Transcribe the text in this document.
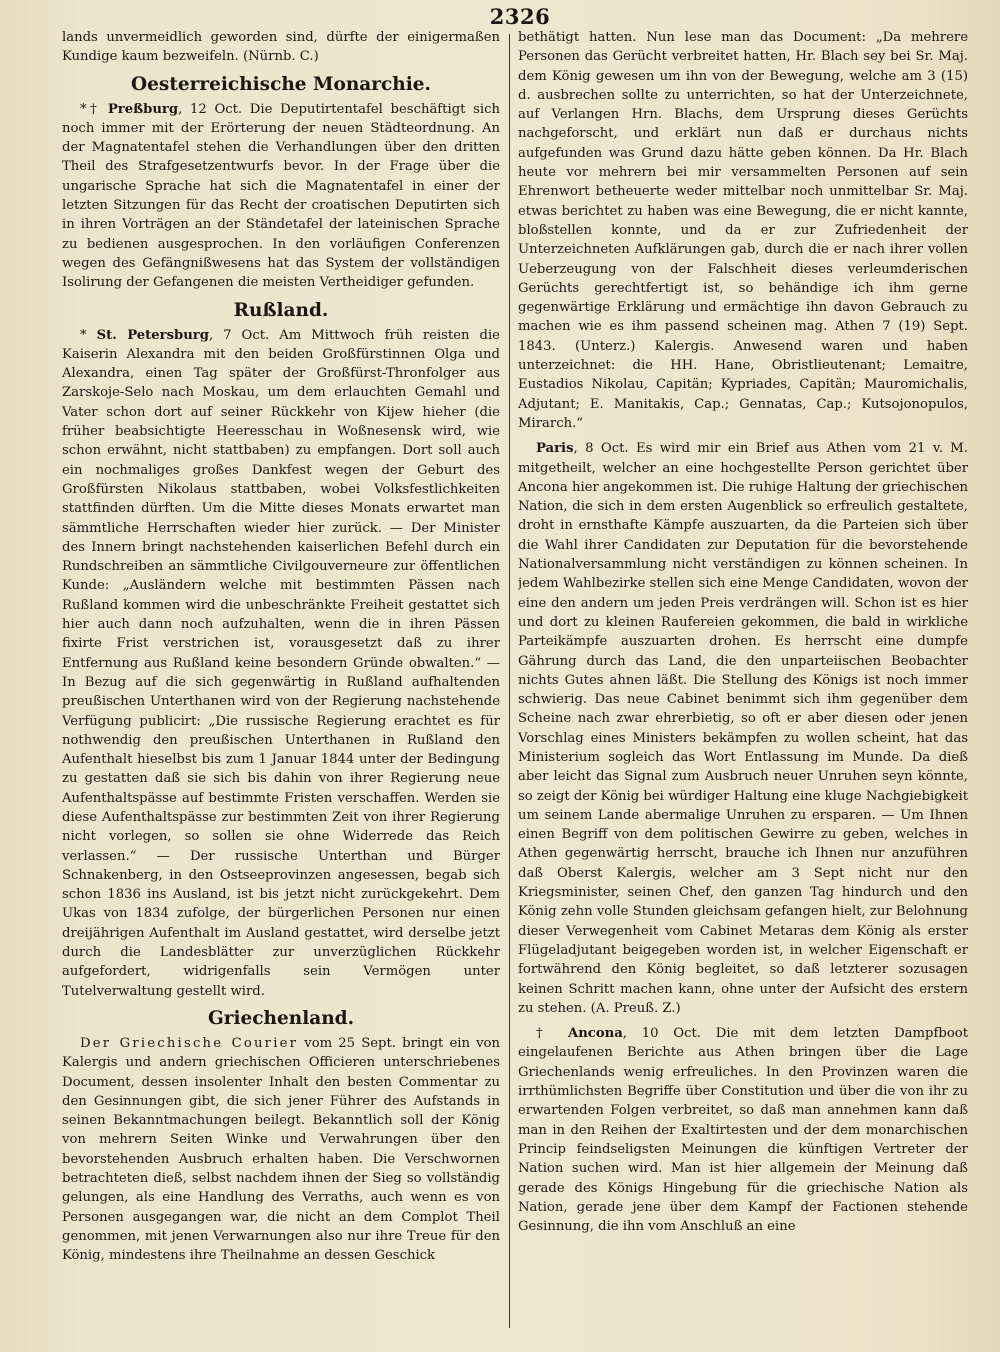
2326

lands unvermeidlich geworden sind, dürfte der einigermaßen Kundige kaum bezweifeln. (Nürnb. C.)

Oesterreichische Monarchie.

*† Preßburg, 12 Oct. Die Deputirtentafel beschäftigt sich noch immer mit der Erörterung der neuen Städteordnung. An der Magnatentafel stehen die Verhandlungen über den dritten Theil des Strafgesetzentwurfs bevor. In der Frage über die ungarische Sprache hat sich die Magnatentafel in einer der letzten Sitzungen für das Recht der croatischen Deputirten sich in ihren Vorträgen an der Ständetafel der lateinischen Sprache zu bedienen ausgesprochen. In den vorläufigen Conferenzen wegen des Gefängnißwesens hat das System der vollständigen Isolirung der Gefangenen die meisten Vertheidiger gefunden.

Rußland.

* St. Petersburg, 7 Oct. Am Mittwoch früh reisten die Kaiserin Alexandra mit den beiden Großfürstinnen Olga und Alexandra, einen Tag später der Großfürst-Thronfolger aus Zarskoje-Selo nach Moskau, um dem erlauchten Gemahl und Vater schon dort auf seiner Rückkehr von Kijew hieher (die früher beabsichtigte Heeresschau in Woßnesensk wird, wie schon erwähnt, nicht stattbaben) zu empfangen. Dort soll auch ein nochmaliges großes Dankfest wegen der Geburt des Großfürsten Nikolaus stattbaben, wobei Volksfestlichkeiten stattfinden dürften. Um die Mitte dieses Monats erwartet man sämmtliche Herrschaften wieder hier zurück. — Der Minister des Innern bringt nachstehenden kaiserlichen Befehl durch ein Rundschreiben an sämmtliche Civilgouverneure zur öffentlichen Kunde: „Ausländern welche mit bestimmten Pässen nach Rußland kommen wird die unbeschränkte Freiheit gestattet sich hier auch dann noch aufzuhalten, wenn die in ihren Pässen fixirte Frist verstrichen ist, vorausgesetzt daß zu ihrer Entfernung aus Rußland keine besondern Gründe obwalten.“ — In Bezug auf die sich gegenwärtig in Rußland aufhaltenden preußischen Unterthanen wird von der Regierung nachstehende Verfügung publicirt: „Die russische Regierung erachtet es für nothwendig den preußischen Unterthanen in Rußland den Aufenthalt hieselbst bis zum 1 Januar 1844 unter der Bedingung zu gestatten daß sie sich bis dahin von ihrer Regierung neue Aufenthaltspässe auf bestimmte Fristen verschaffen. Werden sie diese Aufenthaltspässe zur bestimmten Zeit von ihrer Regierung nicht vorlegen, so sollen sie ohne Widerrede das Reich verlassen.“ — Der russische Unterthan und Bürger Schnakenberg, in den Ostseeprovinzen angesessen, begab sich schon 1836 ins Ausland, ist bis jetzt nicht zurückgekehrt. Dem Ukas von 1834 zufolge, der bürgerlichen Personen nur einen dreijährigen Aufenthalt im Ausland gestattet, wird derselbe jetzt durch die Landesblätter zur unverzüglichen Rückkehr aufgefordert, widrigenfalls sein Vermögen unter Tutelverwaltung gestellt wird.

Griechenland.

Der Griechische Courier vom 25 Sept. bringt ein von Kalergis und andern griechischen Officieren unterschriebenes Document, dessen insolenter Inhalt den besten Commentar zu den Gesinnungen gibt, die sich jener Führer des Aufstands in seinen Bekanntmachungen beilegt. Bekanntlich soll der König von mehrern Seiten Winke und Verwahrungen über den bevorstehenden Ausbruch erhalten haben. Die Verschwornen betrachteten dieß, selbst nachdem ihnen der Sieg so vollständig gelungen, als eine Handlung des Verraths, auch wenn es von Personen ausgegangen war, die nicht an dem Complot Theil genommen, mit jenen Verwarnungen also nur ihre Treue für den König, mindestens ihre Theilnahme an dessen Geschick

bethätigt hatten. Nun lese man das Document: „Da mehrere Personen das Gerücht verbreitet hatten, Hr. Blach sey bei Sr. Maj. dem König gewesen um ihn von der Bewegung, welche am 3 (15) d. ausbrechen sollte zu unterrichten, so hat der Unterzeichnete, auf Verlangen Hrn. Blachs, dem Ursprung dieses Gerüchts nachgeforscht, und erklärt nun daß er durchaus nichts aufgefunden was Grund dazu hätte geben können. Da Hr. Blach heute vor mehrern bei mir versammelten Personen auf sein Ehrenwort betheuerte weder mittelbar noch unmittelbar Sr. Maj. etwas berichtet zu haben was eine Bewegung, die er nicht kannte, bloßstellen konnte, und da er zur Zufriedenheit der Unterzeichneten Aufklärungen gab, durch die er nach ihrer vollen Ueberzeugung von der Falschheit dieses verleumderischen Gerüchts gerechtfertigt ist, so behändige ich ihm gerne gegenwärtige Erklärung und ermächtige ihn davon Gebrauch zu machen wie es ihm passend scheinen mag. Athen 7 (19) Sept. 1843. (Unterz.) Kalergis. Anwesend waren und haben unterzeichnet: die HH. Hane, Obristlieutenant; Lemaitre, Eustadios Nikolau, Capitän; Kypriades, Capitän; Mauromichalis, Adjutant; E. Manitakis, Cap.; Gennatas, Cap.; Kutsojonopulos, Mirarch.“

Paris, 8 Oct. Es wird mir ein Brief aus Athen vom 21 v. M. mitgetheilt, welcher an eine hochgestellte Person gerichtet über Ancona hier angekommen ist. Die ruhige Haltung der griechischen Nation, die sich in dem ersten Augenblick so erfreulich gestaltete, droht in ernsthafte Kämpfe auszuarten, da die Parteien sich über die Wahl ihrer Candidaten zur Deputation für die bevorstehende Nationalversammlung nicht verständigen zu können scheinen. In jedem Wahlbezirke stellen sich eine Menge Candidaten, wovon der eine den andern um jeden Preis verdrängen will. Schon ist es hier und dort zu kleinen Raufereien gekommen, die bald in wirkliche Parteikämpfe auszuarten drohen. Es herrscht eine dumpfe Gährung durch das Land, die den unparteiischen Beobachter nichts Gutes ahnen läßt. Die Stellung des Königs ist noch immer schwierig. Das neue Cabinet benimmt sich ihm gegenüber dem Scheine nach zwar ehrerbietig, so oft er aber diesen oder jenen Vorschlag eines Ministers bekämpfen zu wollen scheint, hat das Ministerium sogleich das Wort Entlassung im Munde. Da dieß aber leicht das Signal zum Ausbruch neuer Unruhen seyn könnte, so zeigt der König bei würdiger Haltung eine kluge Nachgiebigkeit um seinem Lande abermalige Unruhen zu ersparen. — Um Ihnen einen Begriff von dem politischen Gewirre zu geben, welches in Athen gegenwärtig herrscht, brauche ich Ihnen nur anzuführen daß Oberst Kalergis, welcher am 3 Sept nicht nur den Kriegsminister, seinen Chef, den ganzen Tag hindurch und den König zehn volle Stunden gleichsam gefangen hielt, zur Belohnung dieser Verwegenheit vom Cabinet Metaras dem König als erster Flügeladjutant beigegeben worden ist, in welcher Eigenschaft er fortwährend den König begleitet, so daß letzterer sozusagen keinen Schritt machen kann, ohne unter der Aufsicht des erstern zu stehen. (A. Preuß. Z.)

† Ancona, 10 Oct. Die mit dem letzten Dampfboot eingelaufenen Berichte aus Athen bringen über die Lage Griechenlands wenig erfreuliches. In den Provinzen waren die irrthümlichsten Begriffe über Constitution und über die von ihr zu erwartenden Folgen verbreitet, so daß man annehmen kann daß man in den Reihen der Exaltirtesten und der dem monarchischen Princip feindseligsten Meinungen die künftigen Vertreter der Nation suchen wird. Man ist hier allgemein der Meinung daß gerade des Königs Hingebung für die griechische Nation als Nation, gerade jene über dem Kampf der Factionen stehende Gesinnung, die ihn vom Anschluß an eine
